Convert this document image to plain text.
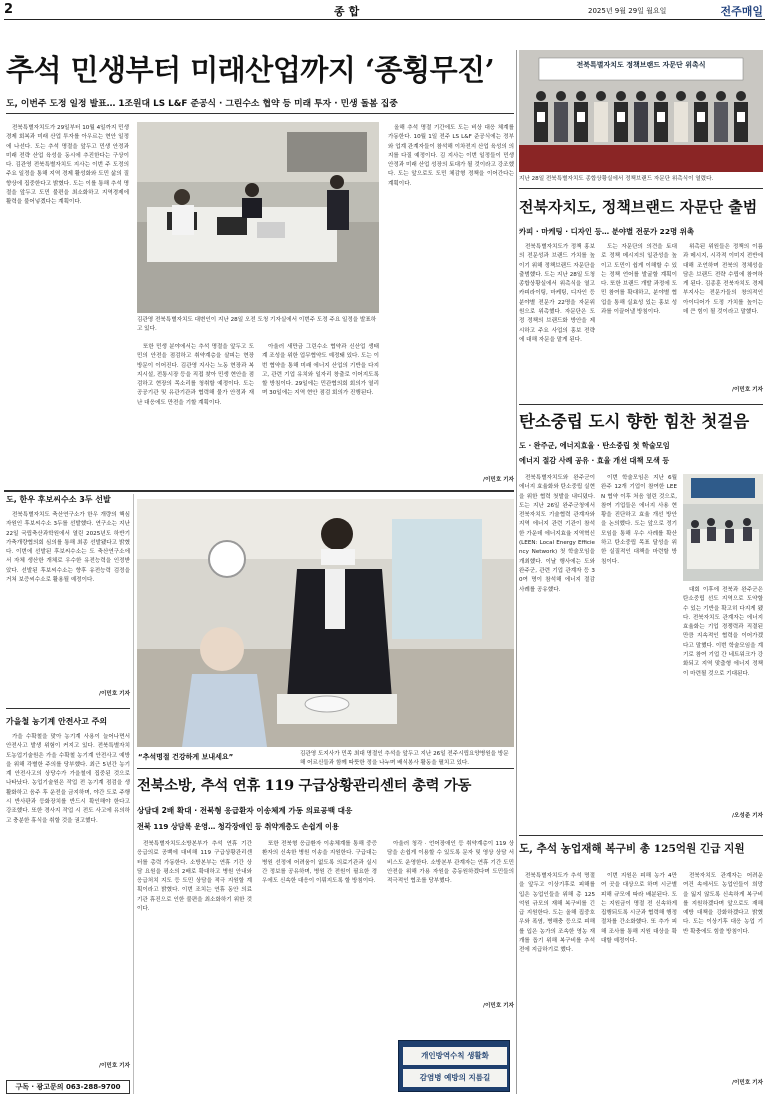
2	종합	2025년 9월 29일 월요일	전주매일
추석 민생부터 미래산업까지 ‘종횡무진’
도, 이번주 도정 일정 발표… 1조원대 LS L&F 준공식 · 그린수소 협약 등 미래 투자 · 민생 돌봄 집중

전북특별자치도가 29일부터 10월 4일까지 민생경제 회복과 미래 산업 투자를 아우르는 현안 일정에 나선다. 도는 추석 명절을 앞두고 민생 안정과 미래 전략 산업 육성을 동시에 추진한다는 구상이다. 김관영 전북특별자치도 지사는 이번 주 도정의 주요 일정을 통해 지역 경제 활성화와 도민 삶의 질 향상에 집중한다고 밝혔다. 도는 이를 통해 추석 명절을 앞두고 도민 불편을 최소화하고 지역경제에 활력을 불어넣겠다는 계획이다.

김관영 전북특별자치도 대변인이 지난 28일 오전 도청 기자실에서 이번주 도정 주요 일정을 발표하고 있다.

또한 민생 분야에서는 추석 명절을 앞두고 도민의 안전을 점검하고 취약계층을 살피는 현장 방문이 이어진다. 김관영 지사는 노동 현장과 복지시설, 전통시장 등을 직접 찾아 민생 현안을 점검하고 현장의 목소리를 청취할 예정이다. 도는 공공기관 및 유관기관과 협력해 물가 안정과 재난 대응에도 만전을 기할 계획이다.

아울러 새만금 그린수소 협약과 신산업 생태계 조성을 위한 업무협약도 예정돼 있다. 도는 이번 협약을 통해 미래 에너지 산업의 기반을 다지고, 관련 기업 유치와 일자리 창출로 이어지도록 할 방침이다. 29일에는 민관협의회 회의가 열리며 30일에는 지역 현안 점검 회의가 진행된다.

올해 추석 명절 기간에도 도는 비상 대응 체계를 가동한다. 10월 1일 전주 LS L&F 준공식에는 정부와 업계 관계자들이 참석해 이차전지 산업 육성의 의지를 다질 예정이다. 김 지사는 이번 일정들이 민생 안정과 미래 산업 성장의 토대가 될 것이라고 강조했다. 도는 앞으로도 도민 체감형 정책을 이어간다는 계획이다.

/이민호 기자
전북특별자치도 정책브랜드 자문단 위촉식
지난 28일 전북특별자치도 종합상황실에서 정책브랜드 자문단 위촉식이 열렸다.
전북자치도, 정책브랜드 자문단 출범
카피 · 마케팅 · 디자인 등… 분야별 전문가 22명 위촉

전북특별자치도가 정책 홍보의 전문성과 브랜드 가치를 높이기 위해 정책브랜드 자문단을 출범했다. 도는 지난 28일 도청 종합상황실에서 위촉식을 열고 카피라이팅, 마케팅, 디자인 등 분야별 전문가 22명을 자문위원으로 위촉했다. 자문단은 도정 정책의 브랜드화 방안을 제시하고 주요 사업의 홍보 전략에 대해 자문을 맡게 된다.

도는 자문단의 의견을 토대로 정책 메시지의 일관성을 높이고 도민이 쉽게 이해할 수 있는 정책 언어를 발굴할 계획이다. 또한 브랜드 개발 과정에 도민 참여를 확대하고, 분야별 협업을 통해 실효성 있는 홍보 성과를 이끌어낼 방침이다.

위촉된 위원들은 정책의 이름과 메시지, 시각적 이미지 전반에 대해 조언하며 전북의 정체성을 담은 브랜드 전략 수립에 참여하게 된다. 김종훈 전북자치도 경제부지사는 전문가들의 창의적인 아이디어가 도정 가치를 높이는 데 큰 힘이 될 것이라고 말했다.

/이민호 기자
탄소중립 도시 향한 힘찬 첫걸음
도 · 완주군, 에너지효율 · 탄소중립 첫 학술모임
에너지 절감 사례 공유 · 효율 개선 대책 모색 등

전북특별자치도와 완주군이 에너지 효율화와 탄소중립 실현을 위한 협력 첫발을 내디뎠다. 도는 지난 26일 완주군청에서 전북자치도 기술협력 관계자와 지역 에너지 관련 기관이 참석한 가운데 에너지효율 지역혁신(LEEN: Local Energy Efficiency Network) 첫 학술모임을 개최했다. 이날 행사에는 도와 완주군, 관련 기업 관계자 등 30여 명이 참석해 에너지 절감 사례를 공유했다.

이번 학술모임은 지난 6월 완주 12개 기업이 참여한 LEEN 협약 이후 처음 열린 것으로, 참여 기업들은 에너지 사용 현황을 진단하고 효율 개선 방안을 논의했다. 도는 앞으로 정기 모임을 통해 우수 사례를 확산하고 탄소중립 목표 달성을 위한 실질적인 대책을 마련할 방침이다.

대회 이후에 전북과 완주군은 탄소중립 선도 지역으로 도약할 수 있는 기반을 확고히 다지게 됐다. 전북자치도 관계자는 에너지 효율화는 기업 경쟁력과 직결된 만큼 지속적인 협력을 이어가겠다고 말했다. 이번 학술모임을 계기로 참여 기업 간 네트워크가 강화되고 지역 맞춤형 에너지 정책이 마련될 것으로 기대된다.

/오성준 기자
도, 추석 농업재해 복구비 총 125억원 긴급 지원

전북특별자치도가 추석 명절을 앞두고 이상기후로 피해를 입은 농업인들을 위해 총 125억원 규모의 재해 복구비를 긴급 지원한다. 도는 올해 집중호우와 폭염, 병해충 등으로 피해를 입은 농가의 조속한 영농 재개를 돕기 위해 복구비를 추석 전에 지급하기로 했다.

이번 지원은 피해 농가 4만여 곳을 대상으로 하며 시군별 피해 규모에 따라 배분된다. 도는 지원금이 명절 전 신속하게 집행되도록 시군과 협력해 행정 절차를 간소화했다. 또 추가 피해 조사를 통해 지원 대상을 확대할 예정이다.

전북자치도 관계자는 어려운 여건 속에서도 농업인들이 희망을 잃지 않도록 신속하게 복구비를 지원하겠다며 앞으로도 재해 예방 대책을 강화하겠다고 밝혔다. 도는 이상기후 대응 농업 기반 확충에도 힘쓸 방침이다.

/이민호 기자
도, 한우 후보씨수소 3두 선발

전북특별자치도 축산연구소가 한우 개량의 핵심자원인 후보씨수소 3두를 선발했다. 연구소는 지난 22일 국립축산과학원에서 열린 2025년도 하반기 가축개량협의회 심의를 통해 최종 선발됐다고 밝혔다. 이번에 선발된 후보씨수소는 도 축산연구소에서 자체 생산한 개체로 우수한 유전능력을 인정받았다. 선발된 후보씨수소는 향후 유전능력 검정을 거쳐 보증씨수소로 활용될 예정이다.

/이민호 기자
가을철 농기계 안전사고 주의

가을 수확철을 맞아 농기계 사용이 늘어나면서 안전사고 발생 위험이 커지고 있다. 전북특별자치도농업기술원은 가을 수확철 농기계 안전사고 예방을 위해 각별한 주의를 당부했다. 최근 5년간 농기계 안전사고의 상당수가 가을철에 집중된 것으로 나타났다. 농업기술원은 작업 전 농기계 점검을 생활화하고 음주 후 운전을 금지하며, 야간 도로 주행 시 반사판과 등화장치를 반드시 확인해야 한다고 강조했다. 또한 경사지 작업 시 전도 사고에 유의하고 충분한 휴식을 취할 것을 권고했다.

/이민호 기자
구독 · 광고문의 063-288-9700
“추석명절 건강하게 보내세요”	김관영 도지사가 민족 최대 명절인 추석을 앞두고 지난 26일 전주시립요양병원을 방문해 어르신들과 함께 따뜻한 정을 나누며 배식봉사 활동을 펼치고 있다.
전북소방, 추석 연휴 119 구급상황관리센터 총력 가동
상담대 2배 확대 · 전북형 응급환자 이송체계 가동 의료공백 대응
전북 119 상담록 운영… 청각장애인 등 취약계층도 손쉽게 이용

전북특별자치도소방본부가 추석 연휴 기간 응급의료 공백에 대비해 119 구급상황관리센터를 총력 가동한다. 소방본부는 연휴 기간 상담 요원을 평소의 2배로 확대하고 병원 안내와 응급처치 지도 등 도민 상담을 적극 지원할 계획이라고 밝혔다. 이번 조치는 연휴 동안 의료기관 휴진으로 인한 불편을 최소화하기 위한 것이다.

또한 전북형 응급환자 이송체계를 통해 중증 환자의 신속한 병원 이송을 지원한다. 구급대는 병원 선정에 어려움이 없도록 의료기관과 실시간 정보를 공유하며, 병원 간 전원이 필요한 경우에도 신속한 대응이 이뤄지도록 할 방침이다.

아울러 청각 · 언어장애인 등 취약계층이 119 상담을 손쉽게 이용할 수 있도록 문자 및 영상 상담 서비스도 운영한다. 소방본부 관계자는 연휴 기간 도민 안전을 위해 가용 자원을 총동원하겠다며 도민들의 적극적인 협조를 당부했다.

/이민호 기자
개인방역수칙 생활화
감염병 예방의 지름길
